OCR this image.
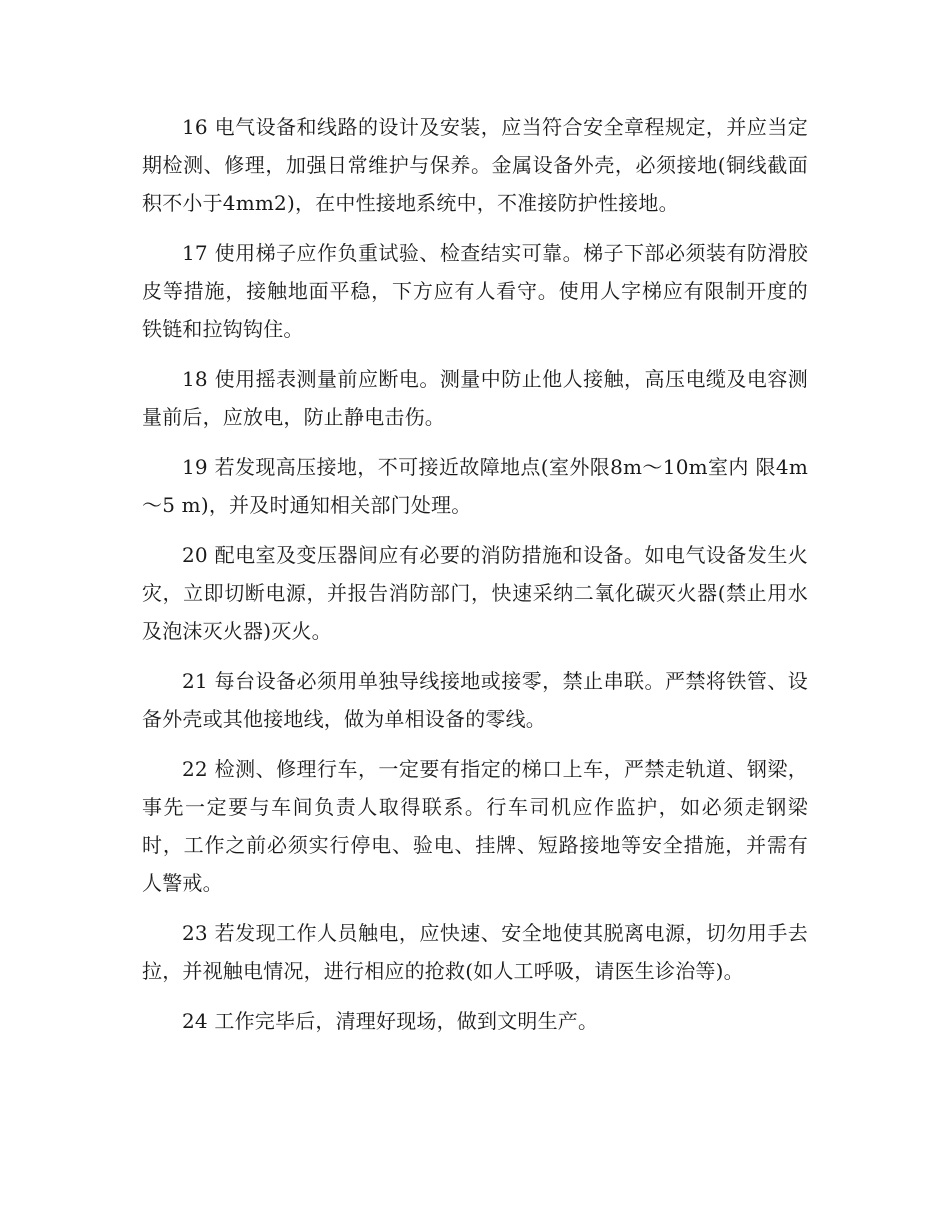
16 电气设备和线路的设计及安装，应当符合安全章程规定，并应当定期检测、修理，加强日常维护与保养。金属设备外壳，必须接地(铜线截面积不小于4mm2)，在中性接地系统中，不准接防护性接地。

17 使用梯子应作负重试验、检查结实可靠。梯子下部必须装有防滑胶皮等措施，接触地面平稳，下方应有人看守。使用人字梯应有限制开度的铁链和拉钩钩住。

18 使用摇表测量前应断电。测量中防止他人接触，高压电缆及电容测量前后，应放电，防止静电击伤。

19 若发现高压接地，不可接近故障地点(室外限8m～10m室内 限4m～5 m)，并及时通知相关部门处理。

20 配电室及变压器间应有必要的消防措施和设备。如电气设备发生火灾，立即切断电源，并报告消防部门，快速采纳二氧化碳灭火器(禁止用水及泡沫灭火器)灭火。

21 每台设备必须用单独导线接地或接零，禁止串联。严禁将铁管、设备外壳或其他接地线，做为单相设备的零线。

22 检测、修理行车，一定要有指定的梯口上车，严禁走轨道、钢梁，事先一定要与车间负责人取得联系。行车司机应作监护，如必须走钢梁时，工作之前必须实行停电、验电、挂牌、短路接地等安全措施，并需有人警戒。

23 若发现工作人员触电，应快速、安全地使其脱离电源，切勿用手去拉，并视触电情况，进行相应的抢救(如人工呼吸，请医生诊治等)。

24 工作完毕后，清理好现场，做到文明生产。
